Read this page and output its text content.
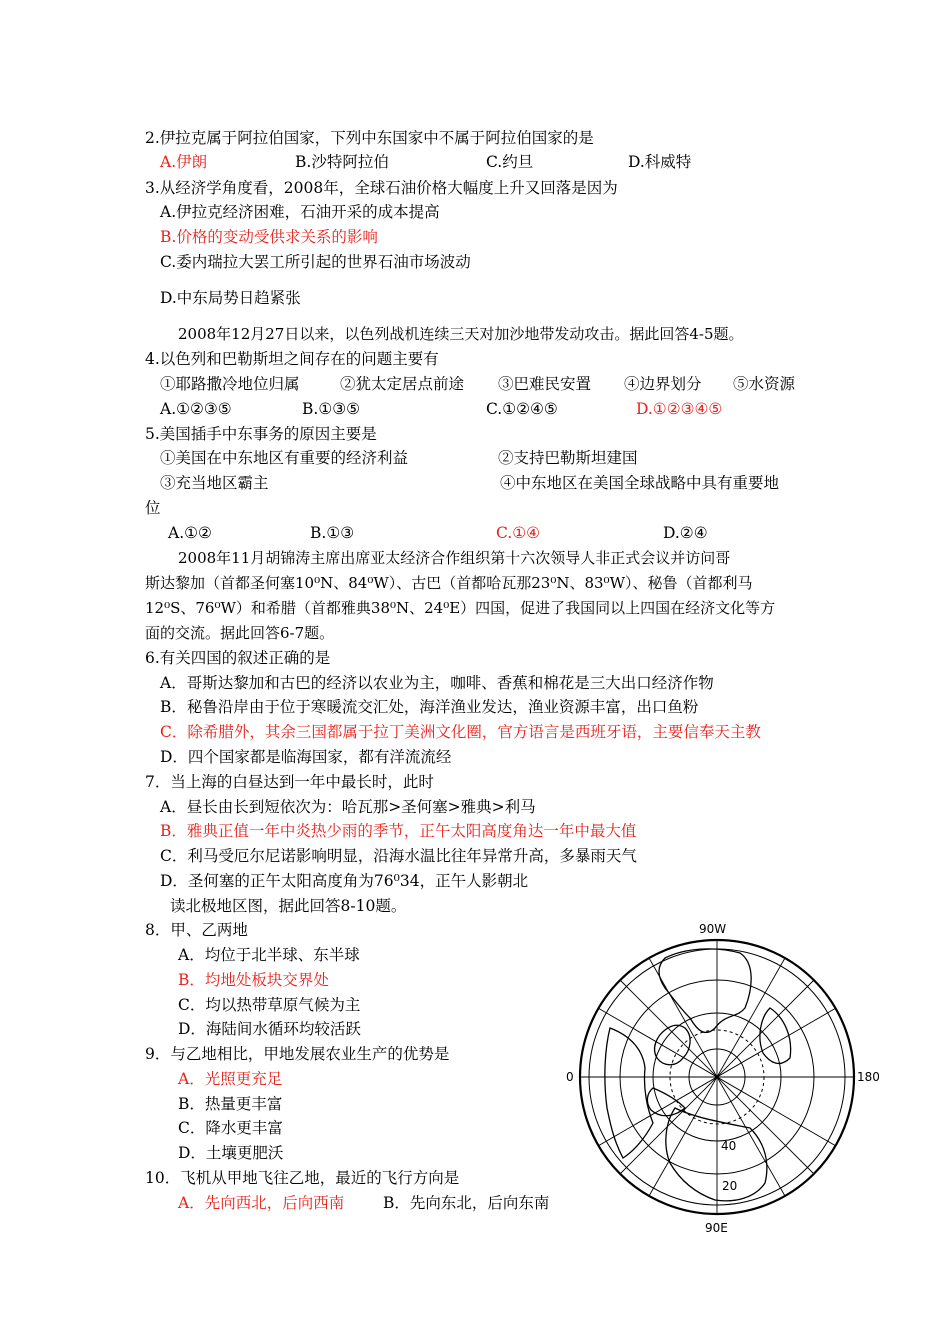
2.伊拉克属于阿拉伯国家，下列中东国家中不属于阿拉伯国家的是
A.伊朗	B.沙特阿拉伯	C.约旦	D.科威特
3.从经济学角度看，2008年，全球石油价格大幅度上升又回落是因为
A.伊拉克经济困难，石油开采的成本提高
B.价格的变动受供求关系的影响
C.委内瑞拉大罢工所引起的世界石油市场波动
D.中东局势日趋紧张
2008年12月27日以来，以色列战机连续三天对加沙地带发动攻击。据此回答4-5题。
4.以色列和巴勒斯坦之间存在的问题主要有
①耶路撒冷地位归属	②犹太定居点前途 ③巴难民安置 ④边界划分 ⑤水资源
A.①②③⑤	B.①③⑤	C.①②④⑤	D.①②③④⑤
5.美国插手中东事务的原因主要是
①美国在中东地区有重要的经济利益	②支持巴勒斯坦建国
③充当地区霸主	④中东地区在美国全球战略中具有重要地
位
A.①②	B.①③	C.①④	D.②④
2008年11月胡锦涛主席出席亚太经济合作组织第十六次领导人非正式会议并访问哥
斯达黎加（首都圣何塞10⁰N、84⁰W）、古巴（首都哈瓦那23⁰N、83⁰W）、秘鲁（首都利马
12⁰S、76⁰W）和希腊（首都雅典38⁰N、24⁰E）四国，促进了我国同以上四国在经济文化等方
面的交流。据此回答6-7题。
6.有关四国的叙述正确的是
A．哥斯达黎加和古巴的经济以农业为主，咖啡、香蕉和棉花是三大出口经济作物
B．秘鲁沿岸由于位于寒暖流交汇处，海洋渔业发达，渔业资源丰富，出口鱼粉
C．除希腊外，其余三国都属于拉丁美洲文化圈，官方语言是西班牙语，主要信奉天主教
D．四个国家都是临海国家，都有洋流流经
7．当上海的白昼达到一年中最长时，此时
A．昼长由长到短依次为：哈瓦那>圣何塞>雅典>利马
B．雅典正值一年中炎热少雨的季节，正午太阳高度角达一年中最大值
C．利马受厄尔尼诺影响明显，沿海水温比往年异常升高，多暴雨天气
D．圣何塞的正午太阳高度角为76⁰34，正午人影朝北
读北极地区图，据此回答8-10题。
8．甲、乙两地
A．均位于北半球、东半球
B．均地处板块交界处
C．均以热带草原气候为主
D．海陆间水循环均较活跃
9．与乙地相比，甲地发展农业生产的优势是
A．光照更充足
B．热量更丰富
C．降水更丰富
D．土壤更肥沃
10．飞机从甲地飞往乙地，最近的飞行方向是
A．先向西北，后向西南	B．先向东北，后向东南
90W
0	180
90E
40
20
